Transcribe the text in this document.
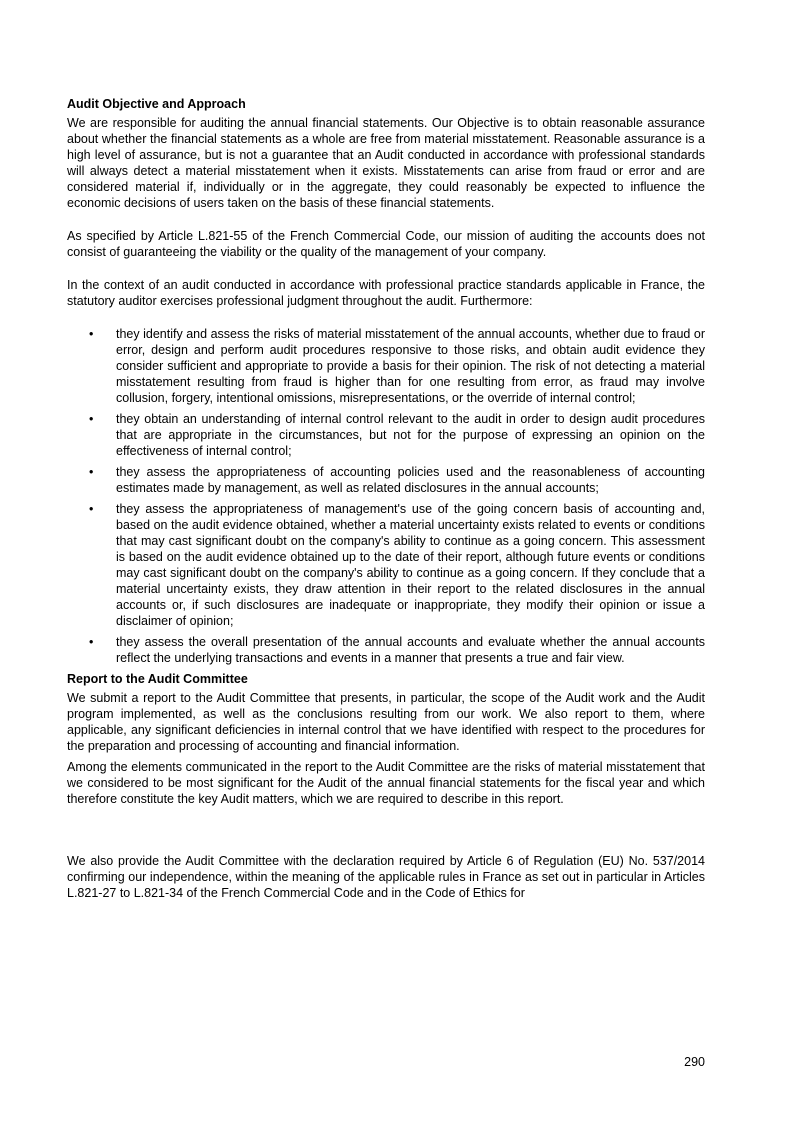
Audit Objective and Approach

We are responsible for auditing the annual financial statements. Our Objective is to obtain reasonable assurance about whether the financial statements as a whole are free from material misstatement. Reasonable assurance is a high level of assurance, but is not a guarantee that an Audit conducted in accordance with professional standards will always detect a material misstatement when it exists. Misstatements can arise from fraud or error and are considered material if, individually or in the aggregate, they could reasonably be expected to influence the economic decisions of users taken on the basis of these financial statements.

As specified by Article L.821-55 of the French Commercial Code, our mission of auditing the accounts does not consist of guaranteeing the viability or the quality of the management of your company.

In the context of an audit conducted in accordance with professional practice standards applicable in France, the statutory auditor exercises professional judgment throughout the audit. Furthermore:

• they identify and assess the risks of material misstatement of the annual accounts, whether due to fraud or error, design and perform audit procedures responsive to those risks, and obtain audit evidence they consider sufficient and appropriate to provide a basis for their opinion. The risk of not detecting a material misstatement resulting from fraud is higher than for one resulting from error, as fraud may involve collusion, forgery, intentional omissions, misrepresentations, or the override of internal control;
• they obtain an understanding of internal control relevant to the audit in order to design audit procedures that are appropriate in the circumstances, but not for the purpose of expressing an opinion on the effectiveness of internal control;
• they assess the appropriateness of accounting policies used and the reasonableness of accounting estimates made by management, as well as related disclosures in the annual accounts;
• they assess the appropriateness of management's use of the going concern basis of accounting and, based on the audit evidence obtained, whether a material uncertainty exists related to events or conditions that may cast significant doubt on the company's ability to continue as a going concern. This assessment is based on the audit evidence obtained up to the date of their report, although future events or conditions may cast significant doubt on the company's ability to continue as a going concern. If they conclude that a material uncertainty exists, they draw attention in their report to the related disclosures in the annual accounts or, if such disclosures are inadequate or inappropriate, they modify their opinion or issue a disclaimer of opinion;
• they assess the overall presentation of the annual accounts and evaluate whether the annual accounts reflect the underlying transactions and events in a manner that presents a true and fair view.
Report to the Audit Committee

We submit a report to the Audit Committee that presents, in particular, the scope of the Audit work and the Audit program implemented, as well as the conclusions resulting from our work. We also report to them, where applicable, any significant deficiencies in internal control that we have identified with respect to the procedures for the preparation and processing of accounting and financial information.

Among the elements communicated in the report to the Audit Committee are the risks of material misstatement that we considered to be most significant for the Audit of the annual financial statements for the fiscal year and which therefore constitute the key Audit matters, which we are required to describe in this report.

We also provide the Audit Committee with the declaration required by Article 6 of Regulation (EU) No. 537/2014 confirming our independence, within the meaning of the applicable rules in France as set out in particular in Articles L.821-27 to L.821-34 of the French Commercial Code and in the Code of Ethics for

290
